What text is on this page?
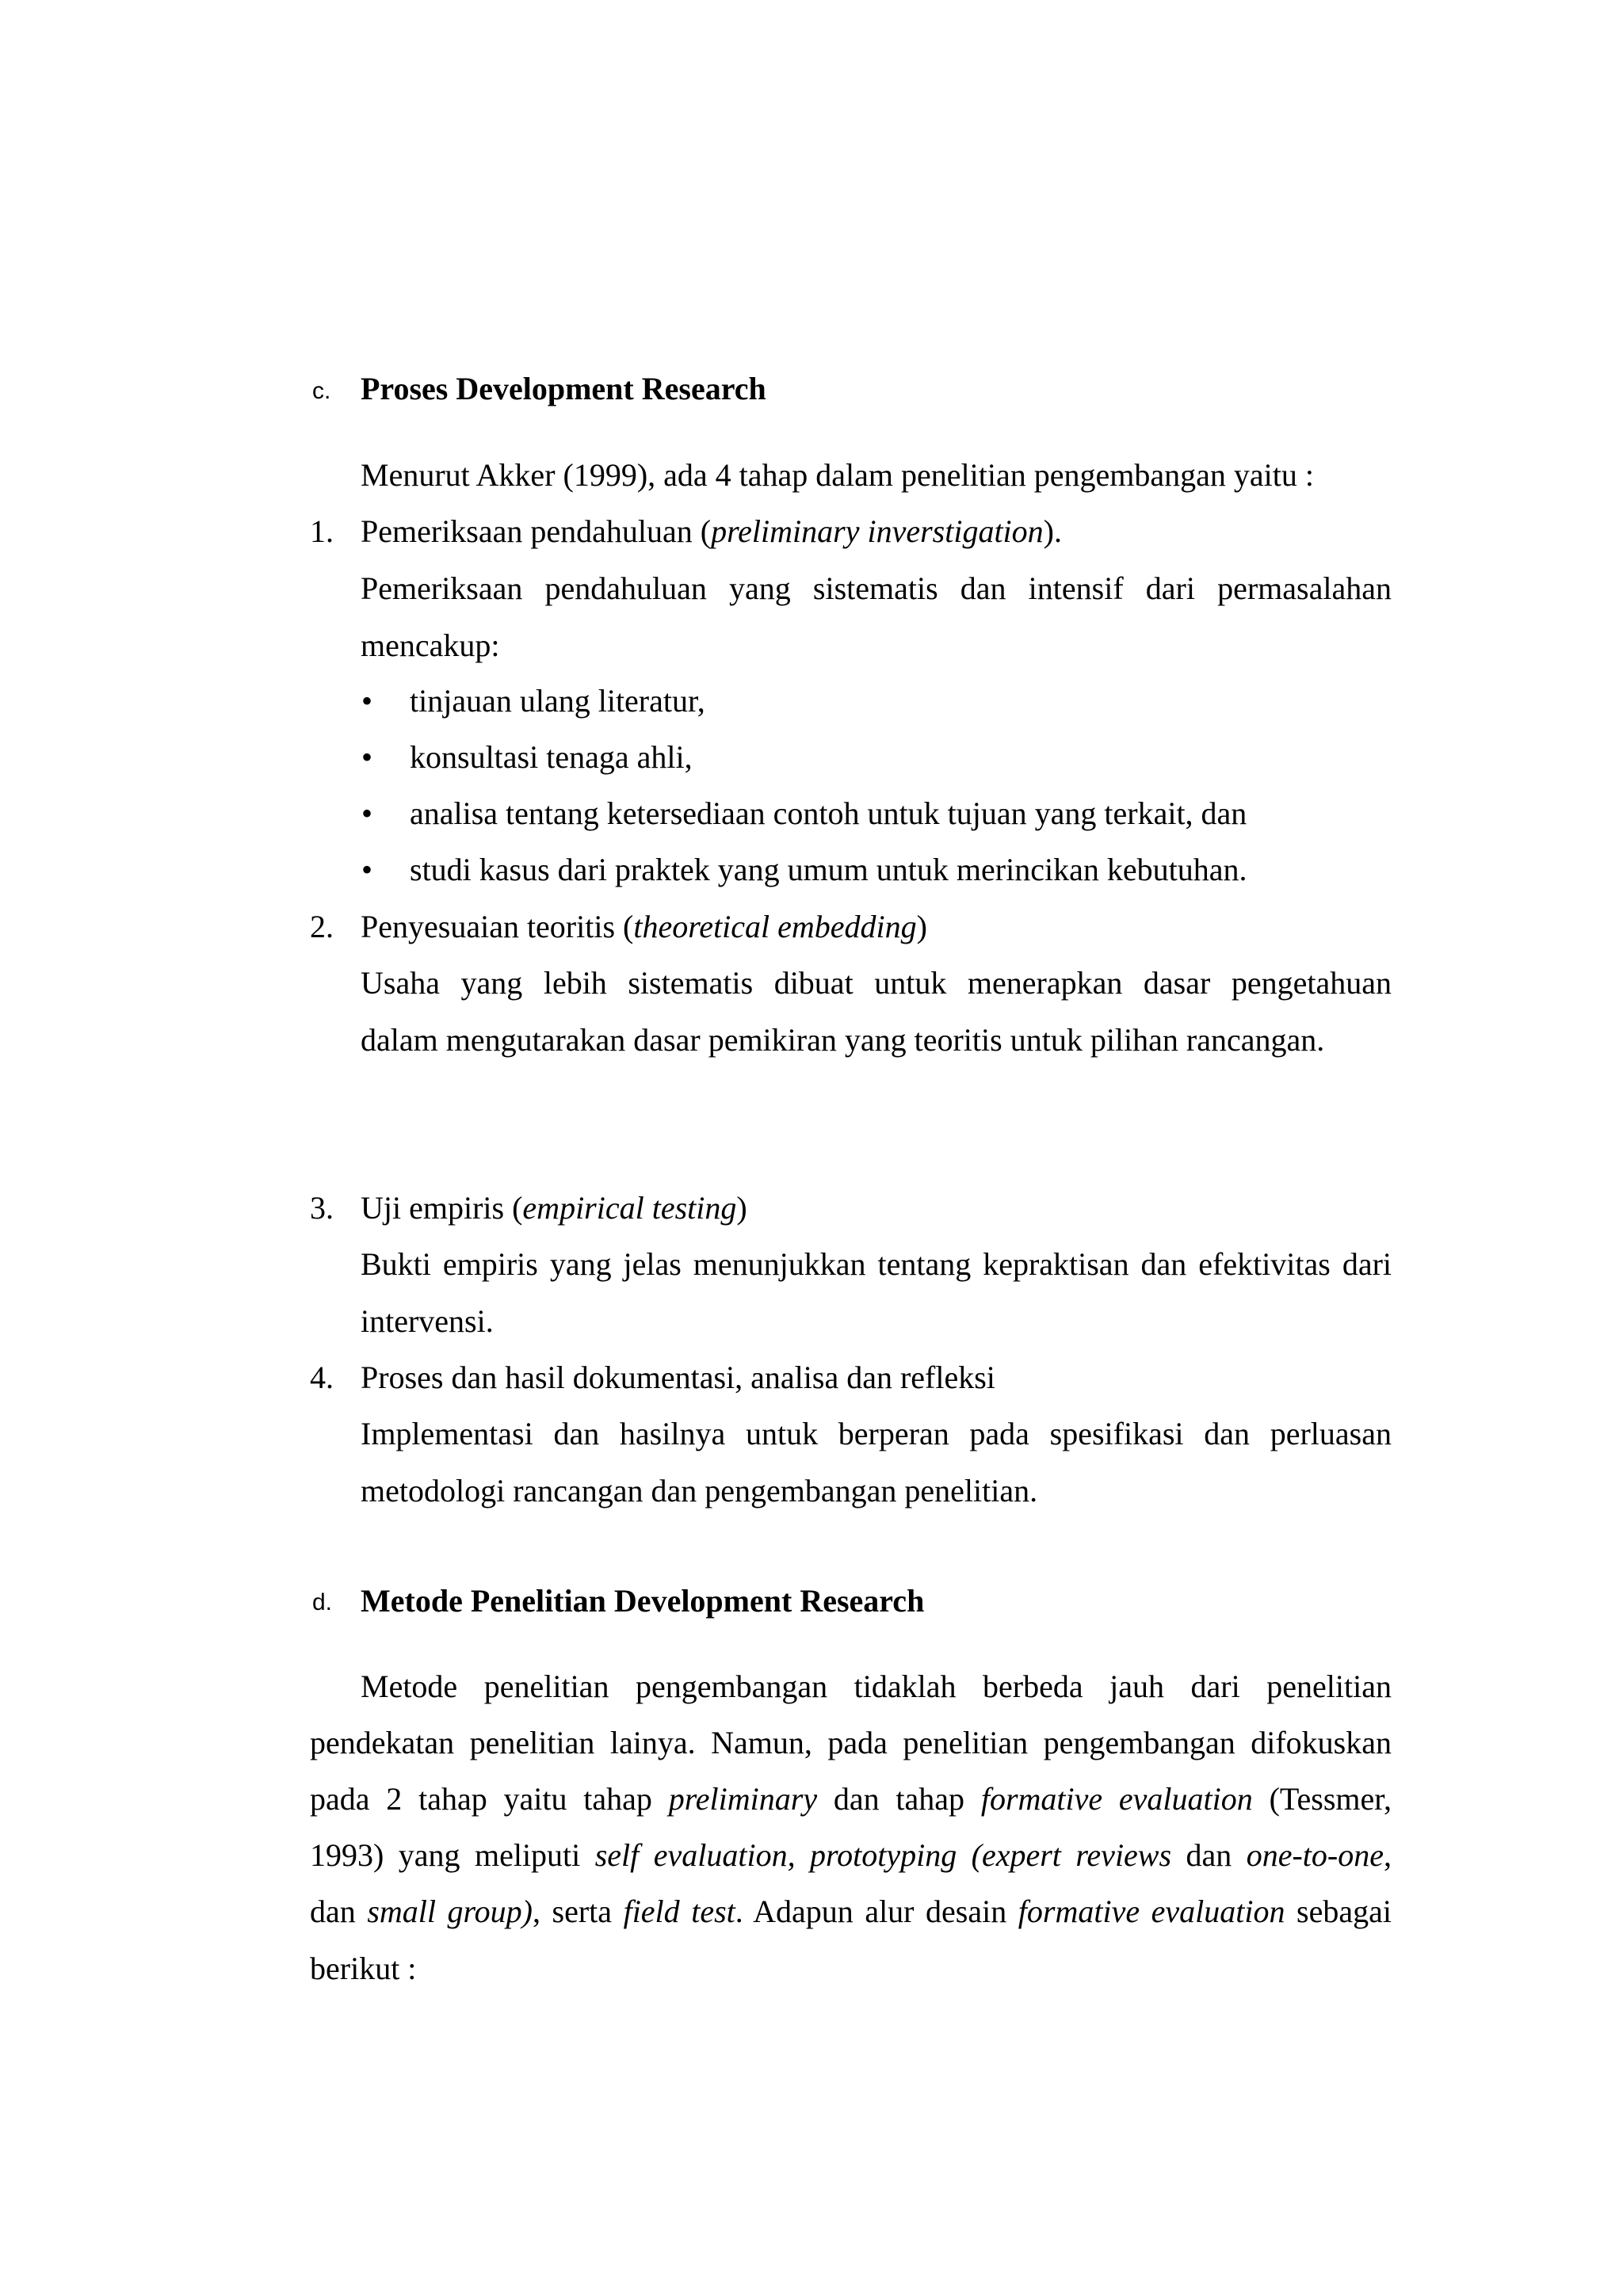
c. Proses Development Research
Menurut Akker (1999), ada 4 tahap dalam penelitian pengembangan yaitu :
1. Pemeriksaan pendahuluan (preliminary inverstigation).
Pemeriksaan pendahuluan yang sistematis dan intensif dari permasalahan
mencakup:
• tinjauan ulang literatur,
• konsultasi tenaga ahli,
• analisa tentang ketersediaan contoh untuk tujuan yang terkait, dan
• studi kasus dari praktek yang umum untuk merincikan kebutuhan.
2. Penyesuaian teoritis (theoretical embedding)
Usaha yang lebih sistematis dibuat untuk menerapkan dasar pengetahuan
dalam mengutarakan dasar pemikiran yang teoritis untuk pilihan rancangan.
3. Uji empiris (empirical testing)
Bukti empiris yang jelas menunjukkan tentang kepraktisan dan efektivitas dari
intervensi.
4. Proses dan hasil dokumentasi, analisa dan refleksi
Implementasi dan hasilnya untuk berperan pada spesifikasi dan perluasan
metodologi rancangan dan pengembangan penelitian.
d. Metode Penelitian Development Research
Metode penelitian pengembangan tidaklah berbeda jauh dari penelitian
pendekatan penelitian lainya. Namun, pada penelitian pengembangan difokuskan
pada 2 tahap yaitu tahap preliminary dan tahap formative evaluation (Tessmer,
1993) yang meliputi self evaluation, prototyping (expert reviews dan one-to-one,
dan small group), serta field test. Adapun alur desain formative evaluation sebagai
berikut :
